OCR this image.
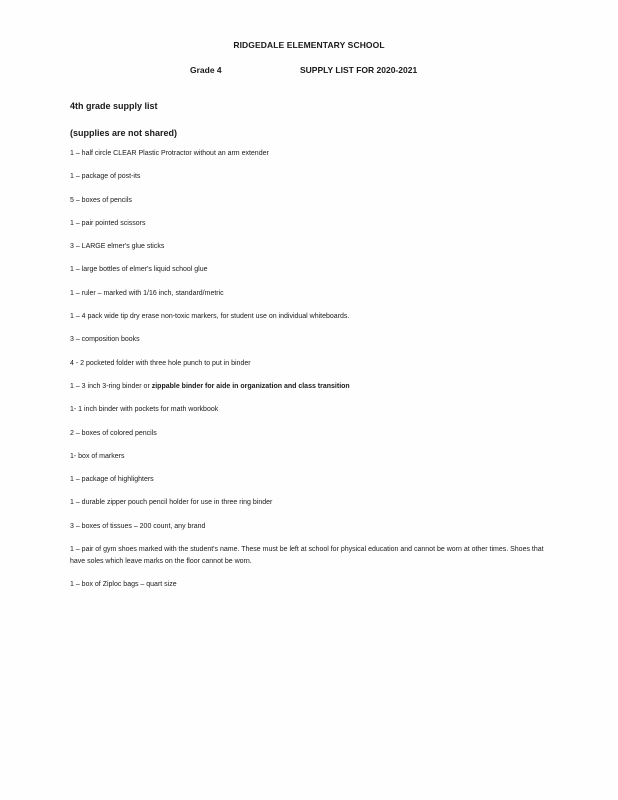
RIDGEDALE ELEMENTARY SCHOOL
Grade 4	SUPPLY LIST FOR 2020-2021
4th grade supply list
(supplies are not shared)
1 – half circle CLEAR Plastic Protractor without an arm extender
1 – package of post-its
5 – boxes of pencils
1 – pair pointed scissors
3 – LARGE elmer's glue sticks
1 – large bottles of elmer's liquid school glue
1 – ruler – marked with 1/16 inch, standard/metric
1 – 4 pack wide tip dry erase non-toxic markers, for student use on individual whiteboards.
3 – composition books
4 - 2 pocketed folder with three hole punch to put in binder
1 – 3 inch 3-ring binder or zippable binder for aide in organization and class transition
1- 1 inch binder with pockets for math workbook
2 – boxes of colored pencils
1- box of markers
1 – package of highlighters
1 – durable zipper pouch pencil holder for use in three ring binder
3 – boxes of tissues – 200 count, any brand
1 – pair of gym shoes marked with the student's name. These must be left at school for physical education and cannot be worn at other times. Shoes that have soles which leave marks on the floor cannot be worn.
1 – box of Ziploc bags – quart size
